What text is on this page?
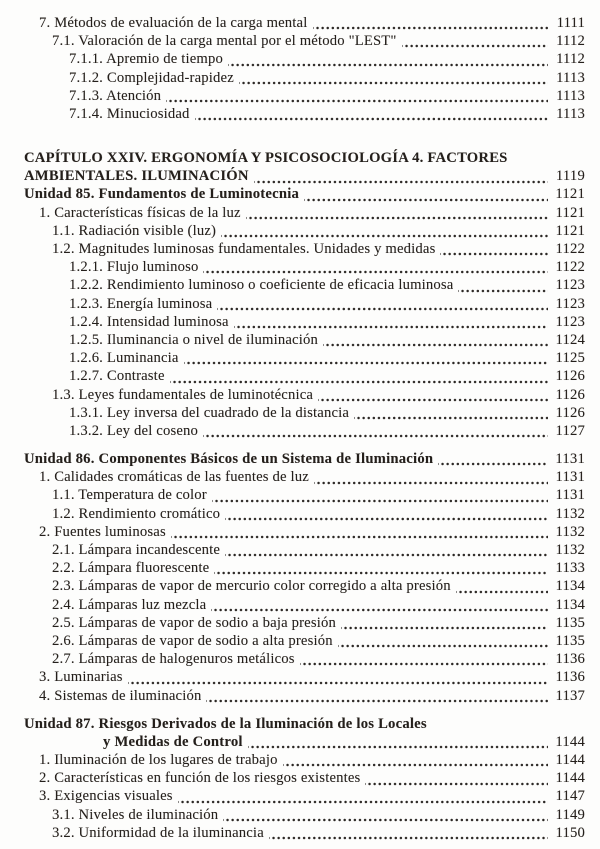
7. Métodos de evaluación de la carga mental	1111
7.1. Valoración de la carga mental por el método "LEST"	1112
7.1.1. Apremio de tiempo	1112
7.1.2. Complejidad-rapidez	1113
7.1.3. Atención	1113
7.1.4. Minuciosidad	1113
CAPÍTULO XXIV. ERGONOMÍA Y PSICOSOCIOLOGÍA 4. FACTORES
AMBIENTALES. ILUMINACIÓN	1119
Unidad 85. Fundamentos de Luminotecnia	1121
1. Características físicas de la luz	1121
1.1. Radiación visible (luz)	1121
1.2. Magnitudes luminosas fundamentales. Unidades y medidas	1122
1.2.1. Flujo luminoso	1122
1.2.2. Rendimiento luminoso o coeficiente de eficacia luminosa	1123
1.2.3. Energía luminosa	1123
1.2.4. Intensidad luminosa	1123
1.2.5. Iluminancia o nivel de iluminación	1124
1.2.6. Luminancia	1125
1.2.7. Contraste	1126
1.3. Leyes fundamentales de luminotécnica	1126
1.3.1. Ley inversa del cuadrado de la distancia	1126
1.3.2. Ley del coseno	1127
Unidad 86. Componentes Básicos de un Sistema de Iluminación	1131
1. Calidades cromáticas de las fuentes de luz	1131
1.1. Temperatura de color	1131
1.2. Rendimiento cromático	1132
2. Fuentes luminosas	1132
2.1. Lámpara incandescente	1132
2.2. Lámpara fluorescente	1133
2.3. Lámparas de vapor de mercurio color corregido a alta presión	1134
2.4. Lámparas luz mezcla	1134
2.5. Lámparas de vapor de sodio a baja presión	1135
2.6. Lámparas de vapor de sodio a alta presión	1135
2.7. Lámparas de halogenuros metálicos	1136
3. Luminarias	1136
4. Sistemas de iluminación	1137
Unidad 87. Riesgos Derivados de la Iluminación de los Locales
y Medidas de Control	1144
1. Iluminación de los lugares de trabajo	1144
2. Características en función de los riesgos existentes	1144
3. Exigencias visuales	1147
3.1. Niveles de iluminación	1149
3.2. Uniformidad de la iluminancia	1150
